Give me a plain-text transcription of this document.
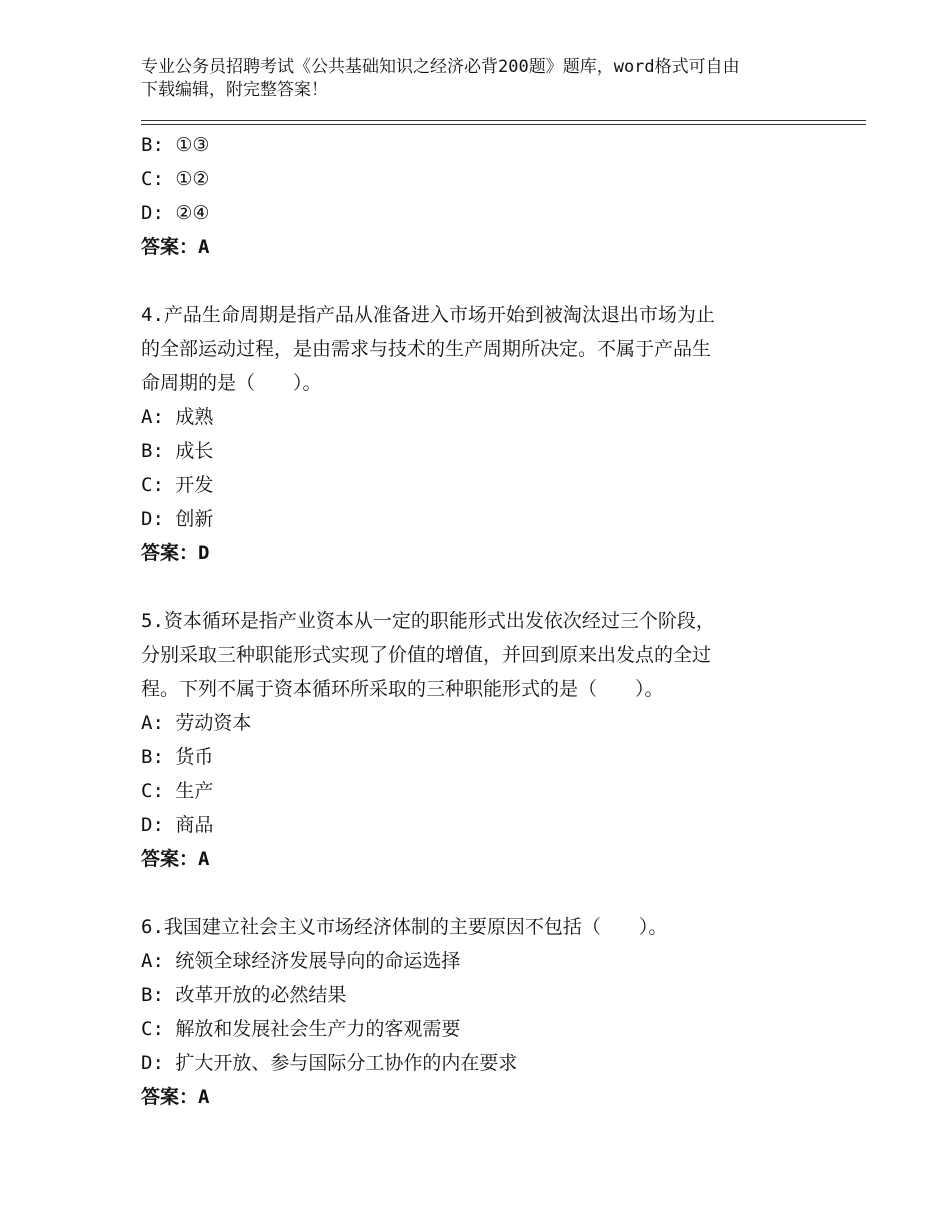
专业公务员招聘考试《公共基础知识之经济必背200题》题库，word格式可自由
下载编辑，附完整答案！
B: ①③
C: ①②
D: ②④
答案：A
4.产品生命周期是指产品从准备进入市场开始到被淘汰退出市场为止
的全部运动过程，是由需求与技术的生产周期所决定。不属于产品生
命周期的是（　　）。
A: 成熟
B: 成长
C: 开发
D: 创新
答案：D
5.资本循环是指产业资本从一定的职能形式出发依次经过三个阶段，
分别采取三种职能形式实现了价值的增值，并回到原来出发点的全过
程。下列不属于资本循环所采取的三种职能形式的是（　　）。
A: 劳动资本
B: 货币
C: 生产
D: 商品
答案：A
6.我国建立社会主义市场经济体制的主要原因不包括（　　）。
A: 统领全球经济发展导向的命运选择
B: 改革开放的必然结果
C: 解放和发展社会生产力的客观需要
D: 扩大开放、参与国际分工协作的内在要求
答案：A
